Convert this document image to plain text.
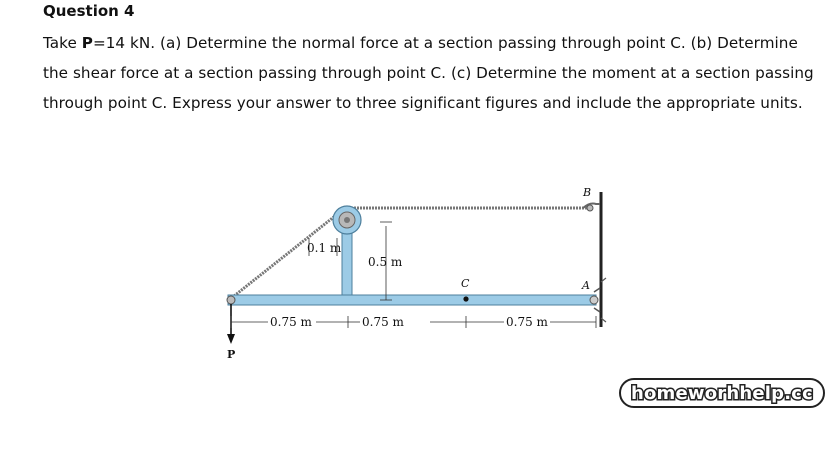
Question 4

Take P=14 kN. (a) Determine the normal force at a section passing through point C. (b) Determine the shear force at a section passing through point C. (c) Determine the moment at a section passing through point C. Express your answer to three significant figures and include the appropriate units.

B
A
C
P
0.1 m
0.5 m
0.75 m	0.75 m	0.75 m
homeworhhelp.cc
